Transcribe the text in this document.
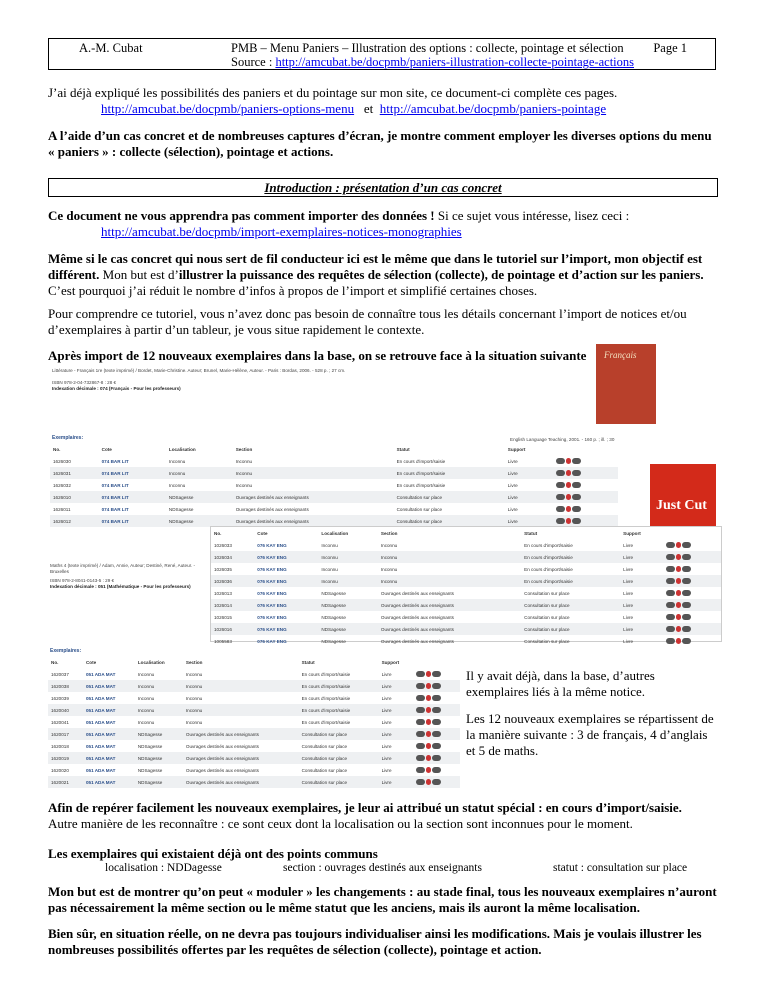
A.-M. Cubat	PMB – Menu Paniers – Illustration des options : collecte, pointage et sélection Page 1
Source : http://amcubat.be/docpmb/paniers-illustration-collecte-pointage-actions
J’ai déjà expliqué les possibilités des paniers et du pointage sur mon site, ce document-ci complète ces pages.
http://amcubat.be/docpmb/paniers-options-menu et http://amcubat.be/docpmb/paniers-pointage
A l’aide d’un cas concret et de nombreuses captures d’écran, je montre comment employer les diverses options du menu « paniers » : collecte (sélection), pointage et actions.
Introduction : présentation d’un cas concret
Ce document ne vous apprendra pas comment importer des données ! Si ce sujet vous intéresse, lisez ceci :
http://amcubat.be/docpmb/import-exemplaires-notices-monographies
Même si le cas concret qui nous sert de fil conducteur ici est le même que dans le tutoriel sur l’import, mon objectif est différent. Mon but est d’illustrer la puissance des requêtes de sélection (collecte), de pointage et d’action sur les paniers. C’est pourquoi j’ai réduit le nombre d’infos à propos de l’import et simplifié certaines choses.
Pour comprendre ce tutoriel, vous n’avez donc pas besoin de connaître tous les détails concernant l’import de notices et/ou d’exemplaires à partir d’un tableur, je vous situe rapidement le contexte.
Après import de 12 nouveaux exemplaires dans la base, on se retrouve face à la situation suivante
Littérature - Français 1re (texte imprimé) / Bordet, Marie-Christine. Auteur; Brunel, Marie-Hélène, Auteur. - Paris : Bordas, 2006. - 528 p. ; 27 cm.
ISBN 978-2-04-732867-8 : 28 €
Indexation décimale : 074 (Français - Pour les professeurs)
Exemplaires:
No.	Cote	Localisation	Section	Statut	Support	
1626030	074 BAR LIT	Inconnu	Inconnu	En cours d'import/saisie	Livre	
1626031	074 BAR LIT	Inconnu	Inconnu	En cours d'import/saisie	Livre	
1626032	074 BAR LIT	Inconnu	Inconnu	En cours d'import/saisie	Livre	
1626010	074 BAR LIT	NDSagesse	Ouvrages destinés aux enseignants	Consultation sur place	Livre	
1626011	074 BAR LIT	NDSagesse	Ouvrages destinés aux enseignants	Consultation sur place	Livre	
1626012	074 BAR LIT	NDSagesse	Ouvrages destinés aux enseignants	Consultation sur place	Livre	
Français
English Language Teaching, 2001. - 160 p. ; ill. ; 30
Just Cut
Maths 4 (texte imprimé) / Adam, Annie, Auteur; Destiné, René, Auteur. - Bruxelles
ISBN 978-2-8041-0143-5 : 29 €
Indexation décimale : 051 (Mathématique - Pour les professeurs)
No.	Cote	Localisation	Section	Statut	Support	
1026033	076 KAY ENG	Inconnu	Inconnu	En cours d'import/saisie	Livre	
1026034	076 KAY ENG	Inconnu	Inconnu	En cours d'import/saisie	Livre	
1026035	076 KAY ENG	Inconnu	Inconnu	En cours d'import/saisie	Livre	
1026036	076 KAY ENG	Inconnu	Inconnu	En cours d'import/saisie	Livre	
1026013	076 KAY ENG	NDSagesse	Ouvrages destinés aux enseignants	Consultation sur place	Livre	
1026014	076 KAY ENG	NDSagesse	Ouvrages destinés aux enseignants	Consultation sur place	Livre	
1026015	076 KAY ENG	NDSagesse	Ouvrages destinés aux enseignants	Consultation sur place	Livre	
1026016	076 KAY ENG	NDSagesse	Ouvrages destinés aux enseignants	Consultation sur place	Livre	
1005583	076 KAY ENG	NDSagesse	Ouvrages destinés aux enseignants	Consultation sur place	Livre	
Exemplaires:
No.	Cote	Localisation	Section	Statut	Support	
1620037	051 ADA MAT	Inconnu	Inconnu	En cours d'import/saisie	Livre	
1620038	051 ADA MAT	Inconnu	Inconnu	En cours d'import/saisie	Livre	
1620039	051 ADA MAT	Inconnu	Inconnu	En cours d'import/saisie	Livre	
1620040	051 ADA MAT	Inconnu	Inconnu	En cours d'import/saisie	Livre	
1620041	051 ADA MAT	Inconnu	Inconnu	En cours d'import/saisie	Livre	
1620017	051 ADA MAT	NDSagesse	Ouvrages destinés aux enseignants	Consultation sur place	Livre	
1620018	051 ADA MAT	NDSagesse	Ouvrages destinés aux enseignants	Consultation sur place	Livre	
1620019	051 ADA MAT	NDSagesse	Ouvrages destinés aux enseignants	Consultation sur place	Livre	
1620020	051 ADA MAT	NDSagesse	Ouvrages destinés aux enseignants	Consultation sur place	Livre	
1620021	051 ADA MAT	NDSagesse	Ouvrages destinés aux enseignants	Consultation sur place	Livre	
Il y avait déjà, dans la base, d’autres exemplaires liés à la même notice.
Les 12 nouveaux exemplaires se répartissent de la manière suivante : 3 de français, 4 d’anglais et 5 de maths.
Afin de repérer facilement les nouveaux exemplaires, je leur ai attribué un statut spécial : en cours d’import/saisie.
Autre manière de les reconnaître : ce sont ceux dont la localisation ou la section sont inconnues pour le moment.
Les exemplaires qui existaient déjà ont des points communs
localisation : NDDagesse	section : ouvrages destinés aux enseignants	statut : consultation sur place
Mon but est de montrer qu’on peut « moduler » les changements : au stade final, tous les nouveaux exemplaires n’auront pas nécessairement la même section ou le même statut que les anciens, mais ils auront la même localisation.
Bien sûr, en situation réelle, on ne devra pas toujours individualiser ainsi les modifications. Mais je voulais illustrer les nombreuses possibilités offertes par les requêtes de sélection (collecte), pointage et action.
